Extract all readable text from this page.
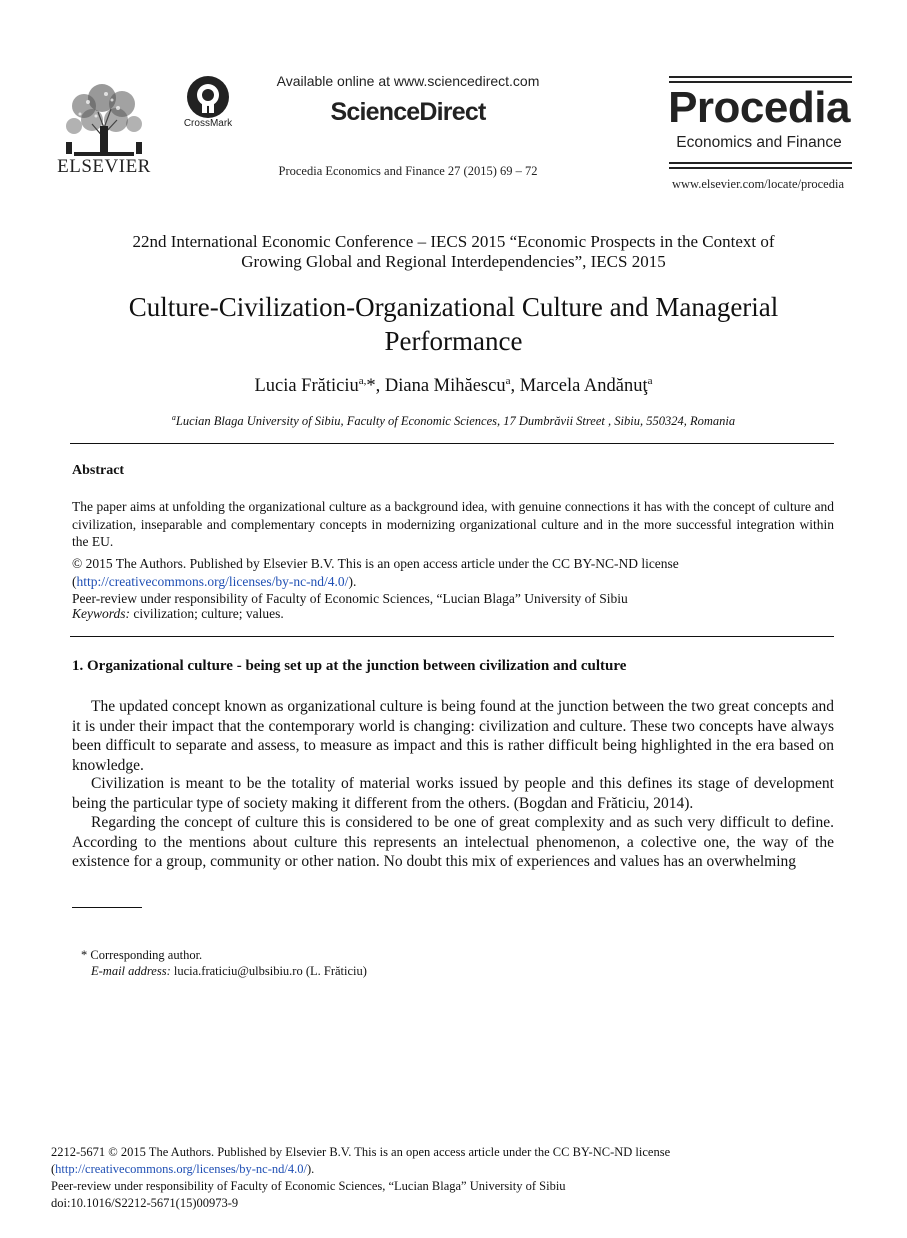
ELSEVIER
CrossMark
Available online at www.sciencedirect.com
ScienceDirect
Procedia Economics and Finance 27 (2015) 69 – 72
Procedia
Economics and Finance
www.elsevier.com/locate/procedia
22nd International Economic Conference – IECS 2015 “Economic Prospects in the Context of
Growing Global and Regional Interdependencies”, IECS 2015
Culture-Civilization-Organizational Culture and Managerial
Performance
Lucia Frăticiu$^{a,}$*, Diana Mihăescu$^a$, Marcela Andănuţ$^a$
$^a$Lucian Blaga University of Sibiu, Faculty of Economic Sciences, 17 Dumbrăvii Street , Sibiu, 550324, Romania
Abstract
The paper aims at unfolding the organizational culture as a background idea, with genuine connections it has with the concept of culture and civilization, inseparable and complementary concepts in modernizing organizational culture and in the more successful integration within the EU.
© 2015 The Authors. Published by Elsevier B.V. This is an open access article under the CC BY-NC-ND license
(http://creativecommons.org/licenses/by-nc-nd/4.0/).
Peer-review under responsibility of Faculty of Economic Sciences, “Lucian Blaga” University of Sibiu
Keywords: civilization; culture; values.
1. Organizational culture - being set up at the junction between civilization and culture
The updated concept known as organizational culture is being found at the junction between the two great concepts and it is under their impact that the contemporary world is changing: civilization and culture. These two concepts have always been difficult to separate and assess, to measure as impact and this is rather difficult being highlighted in the era based on knowledge.
Civilization is meant to be the totality of material works issued by people and this defines its stage of development being the particular type of society making it different from the others. (Bogdan and Frăticiu, 2014).
Regarding the concept of culture this is considered to be one of great complexity and as such very difficult to define. According to the mentions about culture this represents an intelectual phenomenon, a colective one, the way of the existence for a group, community or other nation. No doubt this mix of experiences and values has an overwhelming
* Corresponding author.
E-mail address: lucia.fraticiu@ulbsibiu.ro (L. Frăticiu)
2212-5671 © 2015 The Authors. Published by Elsevier B.V. This is an open access article under the CC BY-NC-ND license
(http://creativecommons.org/licenses/by-nc-nd/4.0/).
Peer-review under responsibility of Faculty of Economic Sciences, “Lucian Blaga” University of Sibiu
doi:10.1016/S2212-5671(15)00973-9
